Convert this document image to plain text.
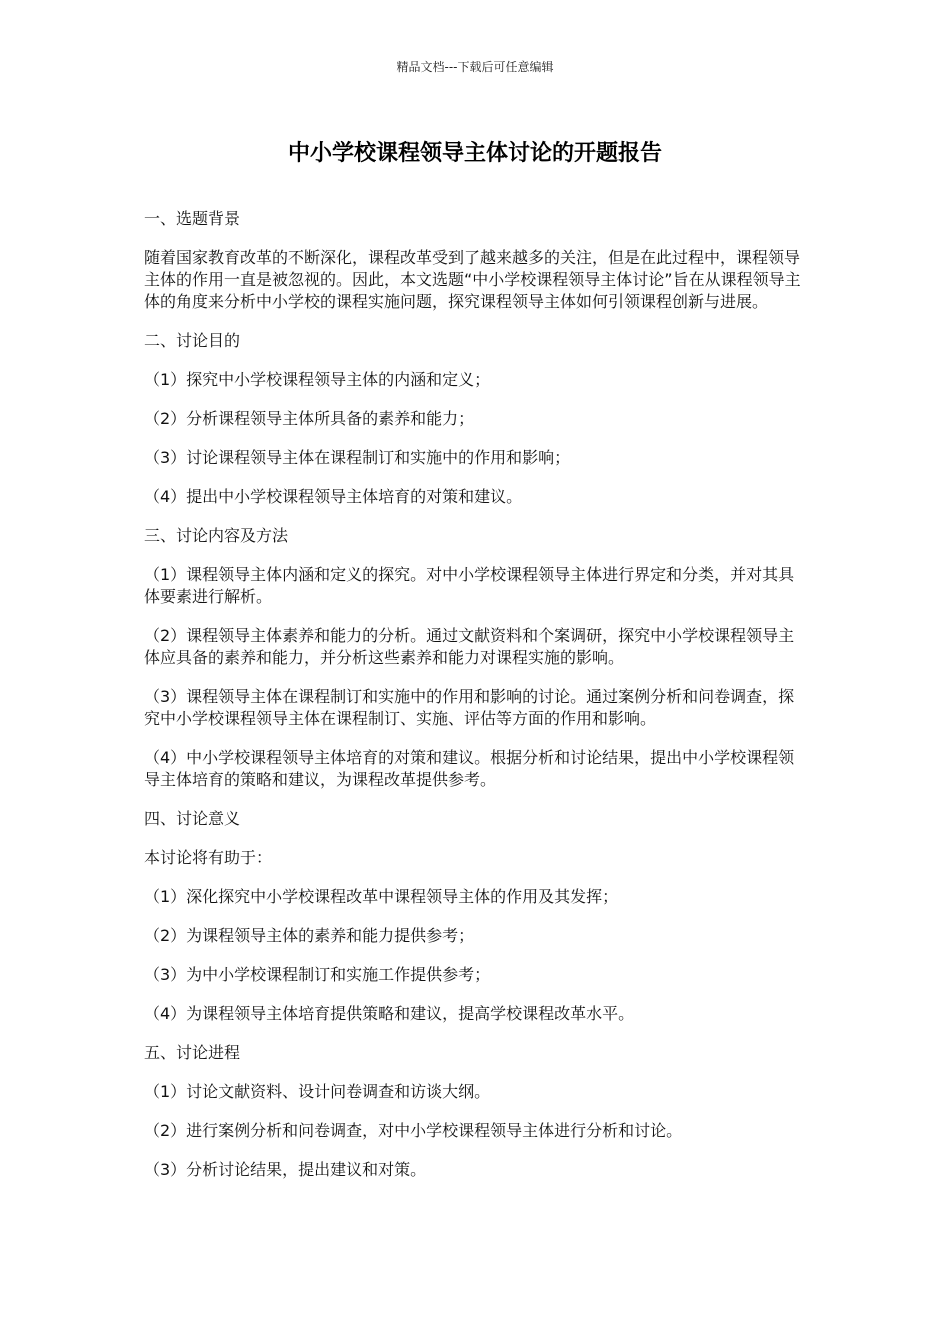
精品文档---下载后可任意编辑
中小学校课程领导主体讨论的开题报告

一、选题背景

随着国家教育改革的不断深化，课程改革受到了越来越多的关注，但是在此过程中，课程领导主体的作用一直是被忽视的。因此，本文选题“中小学校课程领导主体讨论”旨在从课程领导主体的角度来分析中小学校的课程实施问题，探究课程领导主体如何引领课程创新与进展。

二、讨论目的

（1）探究中小学校课程领导主体的内涵和定义；

（2）分析课程领导主体所具备的素养和能力；

（3）讨论课程领导主体在课程制订和实施中的作用和影响；

（4）提出中小学校课程领导主体培育的对策和建议。

三、讨论内容及方法

（1）课程领导主体内涵和定义的探究。对中小学校课程领导主体进行界定和分类，并对其具体要素进行解析。

（2）课程领导主体素养和能力的分析。通过文献资料和个案调研，探究中小学校课程领导主体应具备的素养和能力，并分析这些素养和能力对课程实施的影响。

（3）课程领导主体在课程制订和实施中的作用和影响的讨论。通过案例分析和问卷调查，探究中小学校课程领导主体在课程制订、实施、评估等方面的作用和影响。

（4）中小学校课程领导主体培育的对策和建议。根据分析和讨论结果，提出中小学校课程领导主体培育的策略和建议，为课程改革提供参考。

四、讨论意义

本讨论将有助于：

（1）深化探究中小学校课程改革中课程领导主体的作用及其发挥；

（2）为课程领导主体的素养和能力提供参考；

（3）为中小学校课程制订和实施工作提供参考；

（4）为课程领导主体培育提供策略和建议，提高学校课程改革水平。

五、讨论进程

（1）讨论文献资料、设计问卷调查和访谈大纲。

（2）进行案例分析和问卷调查，对中小学校课程领导主体进行分析和讨论。

（3）分析讨论结果，提出建议和对策。
